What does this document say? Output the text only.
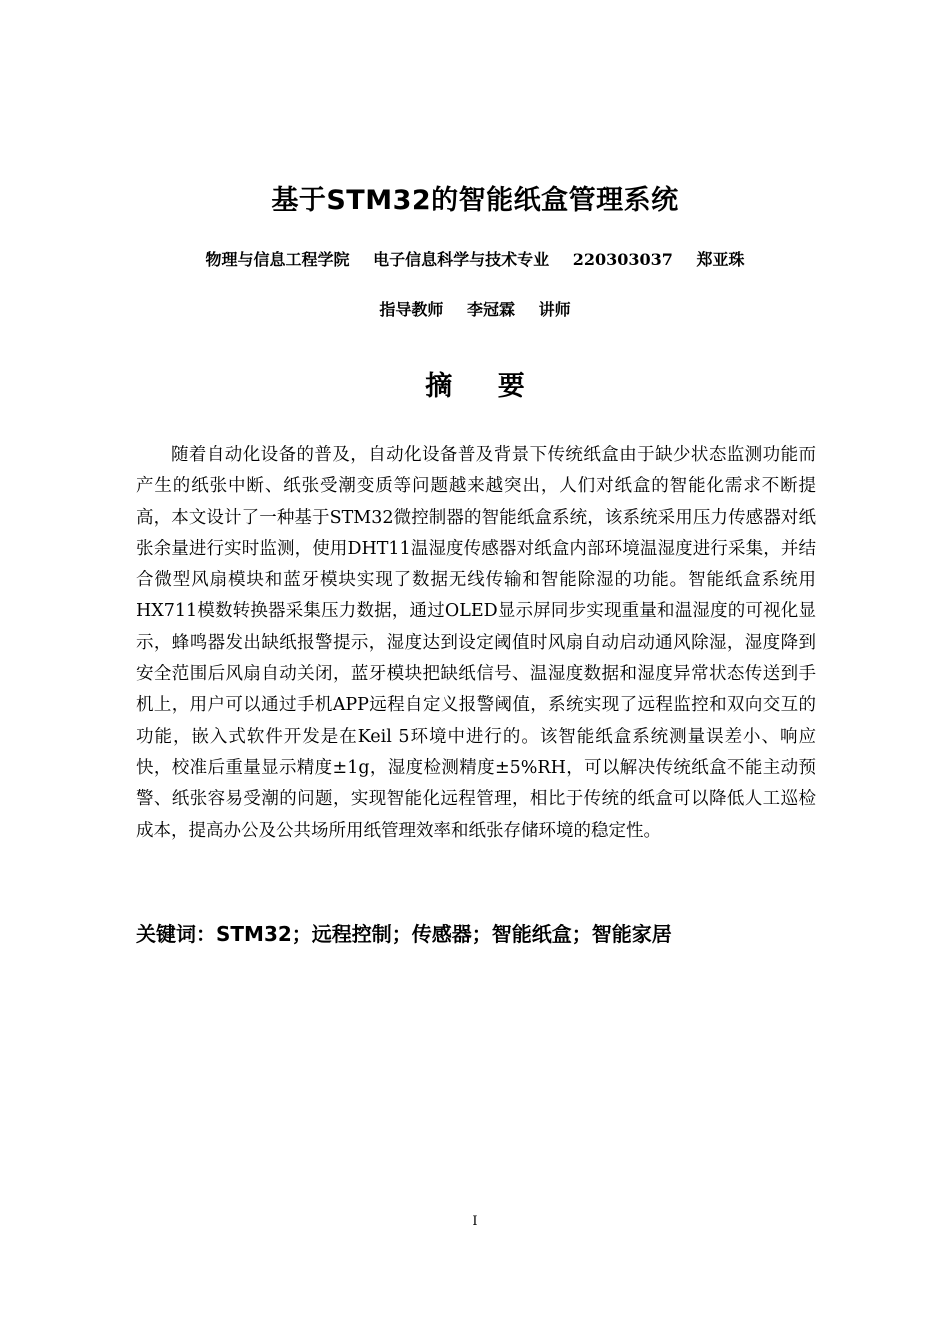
基于STM32的智能纸盒管理系统
物理与信息工程学院 电子信息科学与技术专业 220303037 郑亚珠
指导教师 李冠霖 讲师
摘 要

随着自动化设备的普及，自动化设备普及背景下传统纸盒由于缺少状态监测功能而产生的纸张中断、纸张受潮变质等问题越来越突出，人们对纸盒的智能化需求不断提高，本文设计了一种基于STM32微控制器的智能纸盒系统，该系统采用压力传感器对纸张余量进行实时监测，使用DHT11温湿度传感器对纸盒内部环境温湿度进行采集，并结合微型风扇模块和蓝牙模块实现了数据无线传输和智能除湿的功能。智能纸盒系统用HX711模数转换器采集压力数据，通过OLED显示屏同步实现重量和温湿度的可视化显示，蜂鸣器发出缺纸报警提示，湿度达到设定阈值时风扇自动启动通风除湿，湿度降到安全范围后风扇自动关闭，蓝牙模块把缺纸信号、温湿度数据和湿度异常状态传送到手机上，用户可以通过手机APP远程自定义报警阈值，系统实现了远程监控和双向交互的功能，嵌入式软件开发是在Keil 5环境中进行的。该智能纸盒系统测量误差小、响应快，校准后重量显示精度±1g，湿度检测精度±5%RH，可以解决传统纸盒不能主动预警、纸张容易受潮的问题，实现智能化远程管理，相比于传统的纸盒可以降低人工巡检成本，提高办公及公共场所用纸管理效率和纸张存储环境的稳定性。

关键词：STM32；远程控制；传感器；智能纸盒；智能家居
I
